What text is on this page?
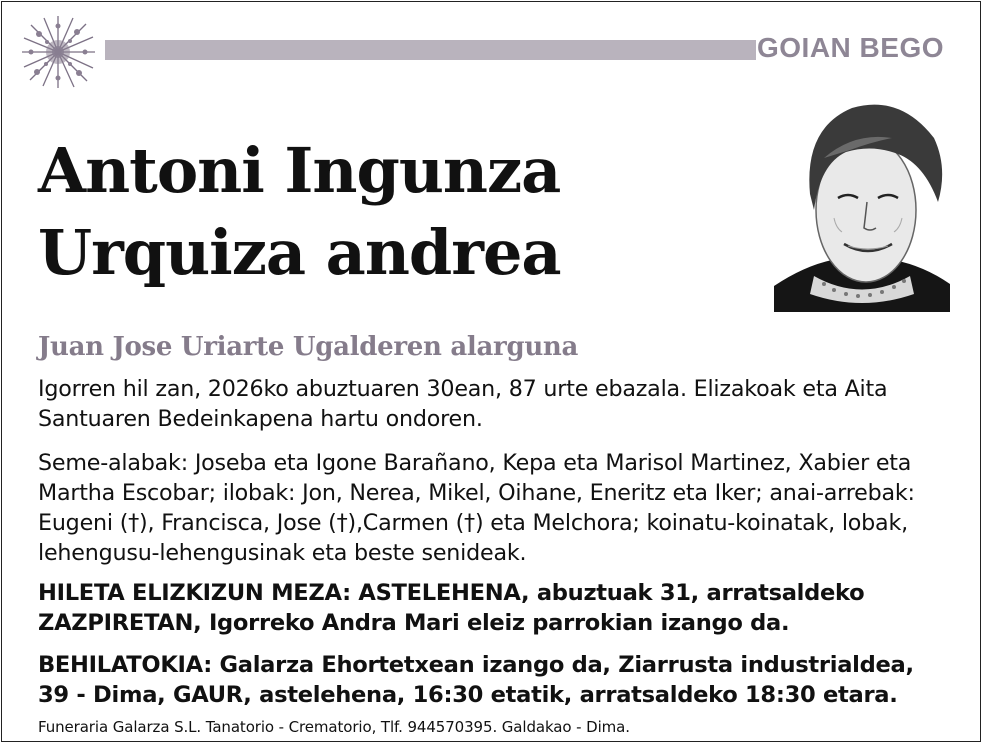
GOIAN BEGO
Antoni Ingunza
Urquiza andrea
Juan Jose Uriarte Ugalderen alarguna
Igorren hil zan, 2026ko abuztuaren 30ean, 87 urte ebazala. Elizakoak eta Aita Santuaren Bedeinkapena hartu ondoren.
Seme-alabak: Joseba eta Igone Barañano, Kepa eta Marisol Martinez, Xabier eta Martha Escobar; ilobak: Jon, Nerea, Mikel, Oihane, Eneritz eta Iker; anai-arrebak: Eugeni (†), Francisca, Jose (†),Carmen (†) eta Melchora; koinatu-koinatak, lobak, lehengusu-lehengusinak eta beste senideak.
HILETA ELIZKIZUN MEZA: ASTELEHENA, abuztuak 31, arratsaldeko ZAZPIRETAN, Igorreko Andra Mari eleiz parrokian izango da.
BEHILATOKIA: Galarza Ehortetxean izango da, Ziarrusta industrialdea, 39 - Dima, GAUR, astelehena, 16:30 etatik, arratsaldeko 18:30 etara.
Funeraria Galarza S.L. Tanatorio - Crematorio, Tlf. 944570395. Galdakao - Dima.
